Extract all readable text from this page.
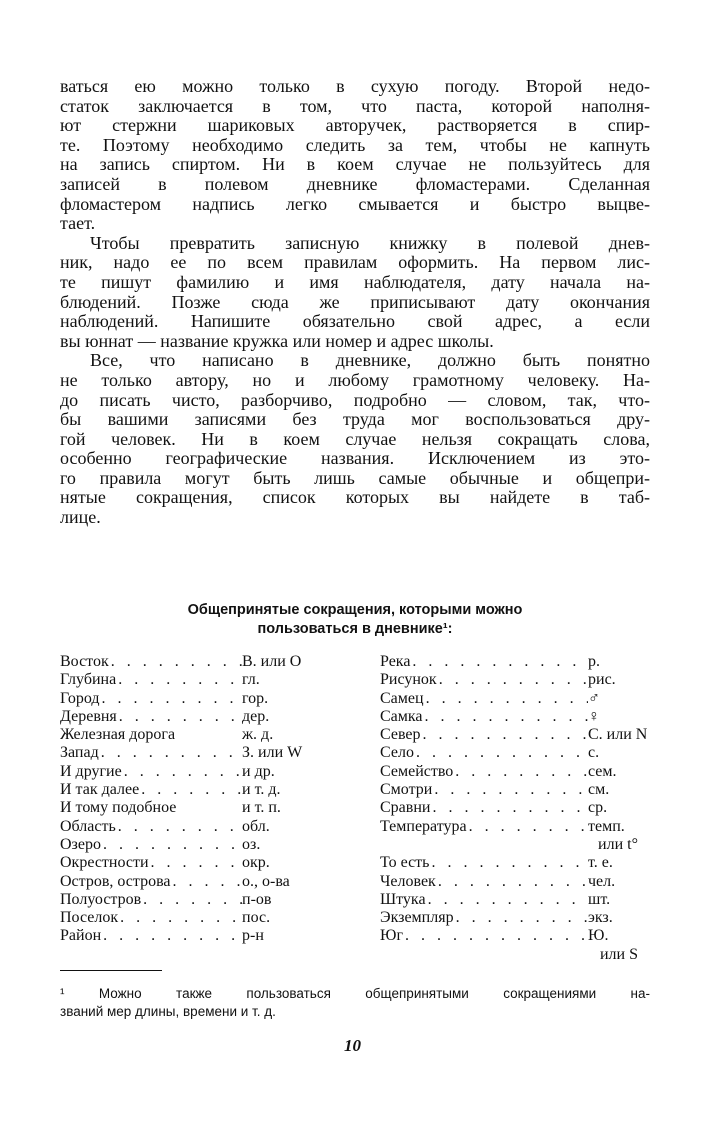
ваться ею можно только в сухую погоду. Второй недо-
статок заключается в том, что паста, которой наполня-
ют стержни шариковых авторучек, растворяется в спир-
те. Поэтому необходимо следить за тем, чтобы не капнуть
на запись спиртом. Ни в коем случае не пользуйтесь для
записей в полевом дневнике фломастерами. Сделанная
фломастером надпись легко смывается и быстро выцве-
тает.
Чтобы превратить записную книжку в полевой днев-
ник, надо ее по всем правилам оформить. На первом лис-
те пишут фамилию и имя наблюдателя, дату начала на-
блюдений. Позже сюда же приписывают дату окончания
наблюдений. Напишите обязательно свой адрес, а если
вы юннат — название кружка или номер и адрес школы.
Все, что написано в дневнике, должно быть понятно
не только автору, но и любому грамотному человеку. На-
до писать чисто, разборчиво, подробно — словом, так, что-
бы вашими записями без труда мог воспользоваться дру-
гой человек. Ни в коем случае нельзя сокращать слова,
особенно географические названия. Исключением из это-
го правила могут быть лишь самые обычные и общепри-
нятые сокращения, список которых вы найдете в таб-
лице.
Общепринятые сокращения, которыми можно
пользоваться в дневнике¹:
Восток . . .	В. или О
Глубина . . .	гл.
Город . . .	гор.
Деревня . . .	дер.
Железная дорога	ж. д.
Запад . . .	З. или W
И другие . . .	и др.
И так далее . . .	и т. д.
И тому подобное	и т. п.
Область . . .	обл.
Озеро . . .	оз.
Окрестности . . .	окр.
Остров, острова . . .	о., о-ва
Полуостров . . .	п-ов
Поселок . . .	пос.
Район . . .	р-н
Река . . .	р.
Рисунок . . .	рис.
Самец . . .	♂
Самка . . .	♀
Север . . .	С. или N
Село . . .	с.
Семейство . . .	сем.
Смотри . . .	см.
Сравни . . .	ср.
Температура . . .	темп.
или t°
То есть . . .	т. е.
Человек . . .	чел.
Штука . . .	шт.
Экземпляр . . .	экз.
Юг . . .	Ю.
или S
¹ Можно также пользоваться общепринятыми сокращениями на-
званий мер длины, времени и т. д.
10
